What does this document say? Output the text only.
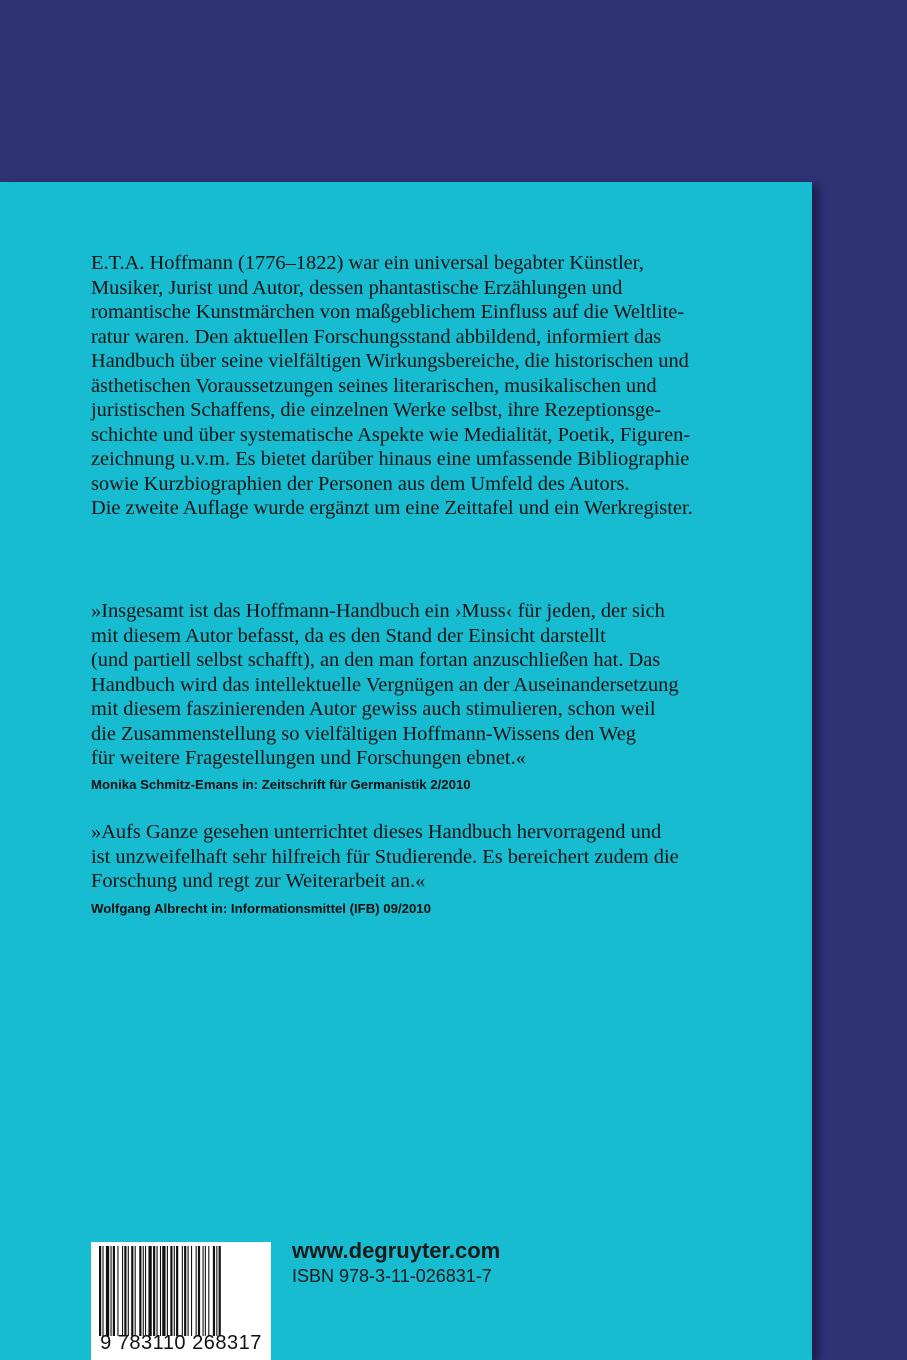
E.T.A. Hoffmann (1776–1822) war ein universal begabter Künstler,
Musiker, Jurist und Autor, dessen phantastische Erzählungen und
romantische Kunstmärchen von maßgeblichem Einfluss auf die Weltlite-
ratur waren. Den aktuellen Forschungsstand abbildend, informiert das
Handbuch über seine vielfältigen Wirkungsbereiche, die historischen und
ästhetischen Voraussetzungen seines literarischen, musikalischen und
juristischen Schaffens, die einzelnen Werke selbst, ihre Rezeptionsge-
schichte und über systematische Aspekte wie Medialität, Poetik, Figuren-
zeichnung u.v.m. Es bietet darüber hinaus eine umfassende Bibliographie
sowie Kurzbiographien der Personen aus dem Umfeld des Autors.
Die zweite Auflage wurde ergänzt um eine Zeittafel und ein Werkregister.

»Insgesamt ist das Hoffmann-Handbuch ein ›Muss‹ für jeden, der sich
mit diesem Autor befasst, da es den Stand der Einsicht darstellt
(und partiell selbst schafft), an den man fortan anzuschließen hat. Das
Handbuch wird das intellektuelle Vergnügen an der Auseinandersetzung
mit diesem faszinierenden Autor gewiss auch stimulieren, schon weil
die Zusammenstellung so vielfältigen Hoffmann-Wissens den Weg
für weitere Fragestellungen und Forschungen ebnet.«

Monika Schmitz-Emans in: Zeitschrift für Germanistik 2/2010

»Aufs Ganze gesehen unterrichtet dieses Handbuch hervorragend und
ist unzweifelhaft sehr hilfreich für Studierende. Es bereichert zudem die
Forschung und regt zur Weiterarbeit an.«

Wolfgang Albrecht in: Informationsmittel (IFB) 09/2010

9 783110 268317

www.degruyter.com

ISBN 978-3-11-026831-7
